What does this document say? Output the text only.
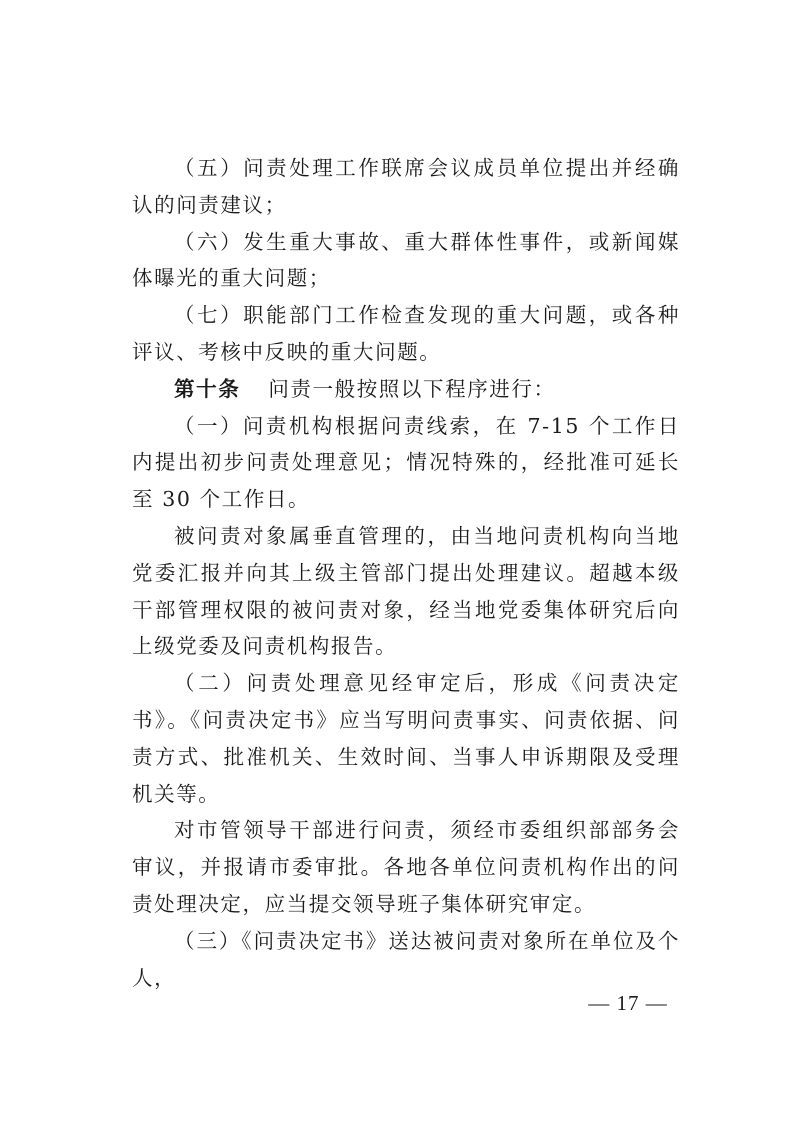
（五）问责处理工作联席会议成员单位提出并经确认的问责建议；

（六）发生重大事故、重大群体性事件，或新闻媒体曝光的重大问题；

（七）职能部门工作检查发现的重大问题，或各种评议、考核中反映的重大问题。

第十条 问责一般按照以下程序进行：

（一）问责机构根据问责线索，在 7-15 个工作日内提出初步问责处理意见；情况特殊的，经批准可延长至 30 个工作日。

被问责对象属垂直管理的，由当地问责机构向当地党委汇报并向其上级主管部门提出处理建议。超越本级干部管理权限的被问责对象，经当地党委集体研究后向上级党委及问责机构报告。

（二）问责处理意见经审定后，形成《问责决定书》。《问责决定书》应当写明问责事实、问责依据、问责方式、批准机关、生效时间、当事人申诉期限及受理机关等。

对市管领导干部进行问责，须经市委组织部部务会审议，并报请市委审批。各地各单位问责机构作出的问责处理决定，应当提交领导班子集体研究审定。

（三）《问责决定书》送达被问责对象所在单位及个人，

— 17 —
